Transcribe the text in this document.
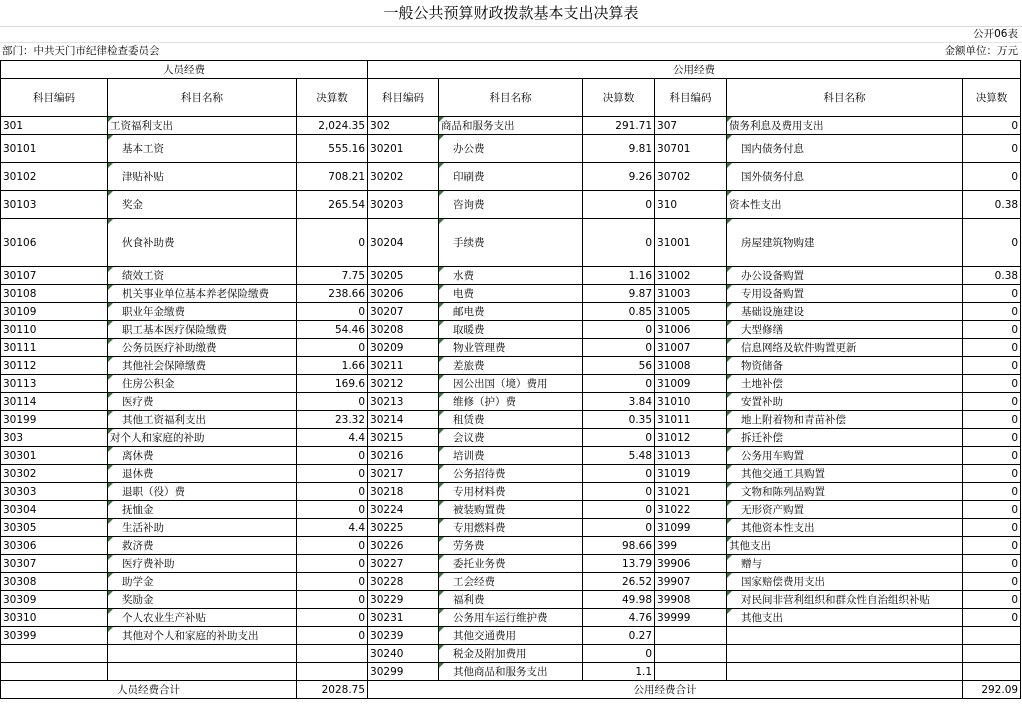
一般公共预算财政拨款基本支出决算表
公开06表
部门：中共天门市纪律检查委员会	金额单位：万元
人员经费			公用经费					
科目编码	科目名称	决算数	科目编码	科目名称	决算数	科目编码	科目名称	决算数
301	工资福利支出	2,024.35	302	商品和服务支出	291.71	307	债务利息及费用支出	0
30101	基本工资	555.16	30201	办公费	9.81	30701	国内债务付息	0
30102	津贴补贴	708.21	30202	印刷费	9.26	30702	国外债务付息	0
30103	奖金	265.54	30203	咨询费	0	310	资本性支出	0.38
30106	伙食补助费	0	30204	手续费	0	31001	房屋建筑物购建	0
30107	绩效工资	7.75	30205	水费	1.16	31002	办公设备购置	0.38
30108	机关事业单位基本养老保险缴费	238.66	30206	电费	9.87	31003	专用设备购置	0
30109	职业年金缴费	0	30207	邮电费	0.85	31005	基础设施建设	0
30110	职工基本医疗保险缴费	54.46	30208	取暖费	0	31006	大型修缮	0
30111	公务员医疗补助缴费	0	30209	物业管理费	0	31007	信息网络及软件购置更新	0
30112	其他社会保障缴费	1.66	30211	差旅费	56	31008	物资储备	0
30113	住房公积金	169.6	30212	因公出国（境）费用	0	31009	土地补偿	0
30114	医疗费	0	30213	维修（护）费	3.84	31010	安置补助	0
30199	其他工资福利支出	23.32	30214	租赁费	0.35	31011	地上附着物和青苗补偿	0
303	对个人和家庭的补助	4.4	30215	会议费	0	31012	拆迁补偿	0
30301	离休费	0	30216	培训费	5.48	31013	公务用车购置	0
30302	退休费	0	30217	公务招待费	0	31019	其他交通工具购置	0
30303	退职（役）费	0	30218	专用材料费	0	31021	文物和陈列品购置	0
30304	抚恤金	0	30224	被装购置费	0	31022	无形资产购置	0
30305	生活补助	4.4	30225	专用燃料费	0	31099	其他资本性支出	0
30306	救济费	0	30226	劳务费	98.66	399	其他支出	0
30307	医疗费补助	0	30227	委托业务费	13.79	39906	赠与	0
30308	助学金	0	30228	工会经费	26.52	39907	国家赔偿费用支出	0
30309	奖励金	0	30229	福利费	49.98	39908	对民间非营利组织和群众性自治组织补贴	0
30310	个人农业生产补贴	0	30231	公务用车运行维护费	4.76	39999	其他支出	0
30399	其他对个人和家庭的补助支出	0	30239	其他交通费用	0.27			
			30240	税金及附加费用	0			
			30299	其他商品和服务支出	1.1			
人员经费合计		2028.75	公用经费合计					292.09
